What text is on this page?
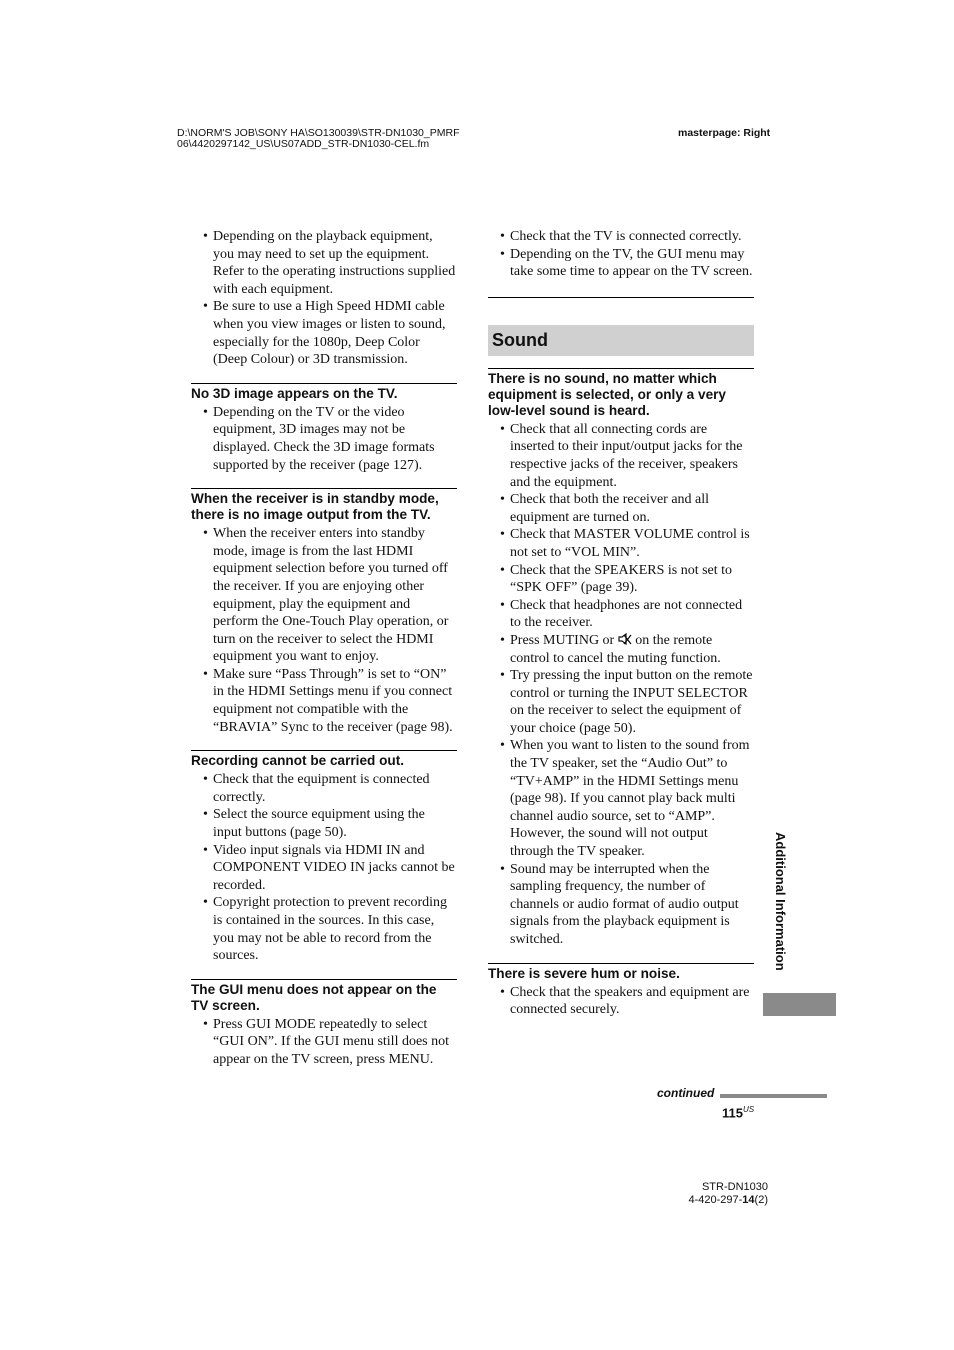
D:\NORM'S JOB\SONY HA\SO130039\STR-DN1030_PMRF
06\4420297142_US\US07ADD_STR-DN1030-CEL.fm
masterpage: Right
• Depending on the playback equipment, you may need to set up the equipment. Refer to the operating instructions supplied with each equipment.
• Be sure to use a High Speed HDMI cable when you view images or listen to sound, especially for the 1080p, Deep Color (Deep Colour) or 3D transmission.
No 3D image appears on the TV.
• Depending on the TV or the video equipment, 3D images may not be displayed. Check the 3D image formats supported by the receiver (page 127).
When the receiver is in standby mode, there is no image output from the TV.
• When the receiver enters into standby mode, image is from the last HDMI equipment selection before you turned off the receiver. If you are enjoying other equipment, play the equipment and perform the One-Touch Play operation, or turn on the receiver to select the HDMI equipment you want to enjoy.
• Make sure “Pass Through” is set to “ON” in the HDMI Settings menu if you connect equipment not compatible with the “BRAVIA” Sync to the receiver (page 98).
Recording cannot be carried out.
• Check that the equipment is connected correctly.
• Select the source equipment using the input buttons (page 50).
• Video input signals via HDMI IN and COMPONENT VIDEO IN jacks cannot be recorded.
• Copyright protection to prevent recording is contained in the sources. In this case, you may not be able to record from the sources.
The GUI menu does not appear on the TV screen.
• Press GUI MODE repeatedly to select “GUI ON”. If the GUI menu still does not appear on the TV screen, press MENU.
• Check that the TV is connected correctly.
• Depending on the TV, the GUI menu may take some time to appear on the TV screen.
Sound
There is no sound, no matter which equipment is selected, or only a very low-level sound is heard.
• Check that all connecting cords are inserted to their input/output jacks for the respective jacks of the receiver, speakers and the equipment.
• Check that both the receiver and all equipment are turned on.
• Check that MASTER VOLUME control is not set to “VOL MIN”.
• Check that the SPEAKERS is not set to “SPK OFF” (page 39).
• Check that headphones are not connected to the receiver.
• Press MUTING or  on the remote control to cancel the muting function.
• Try pressing the input button on the remote control or turning the INPUT SELECTOR on the receiver to select the equipment of your choice (page 50).
• When you want to listen to the sound from the TV speaker, set the “Audio Out” to “TV+AMP” in the HDMI Settings menu (page 98). If you cannot play back multi channel audio source, set to “AMP”. However, the sound will not output through the TV speaker.
• Sound may be interrupted when the sampling frequency, the number of channels or audio format of audio output signals from the playback equipment is switched.
There is severe hum or noise.
• Check that the speakers and equipment are connected securely.
Additional Information
continued
$115^{US}$
STR-DN1030
4-420-297-14(2)
